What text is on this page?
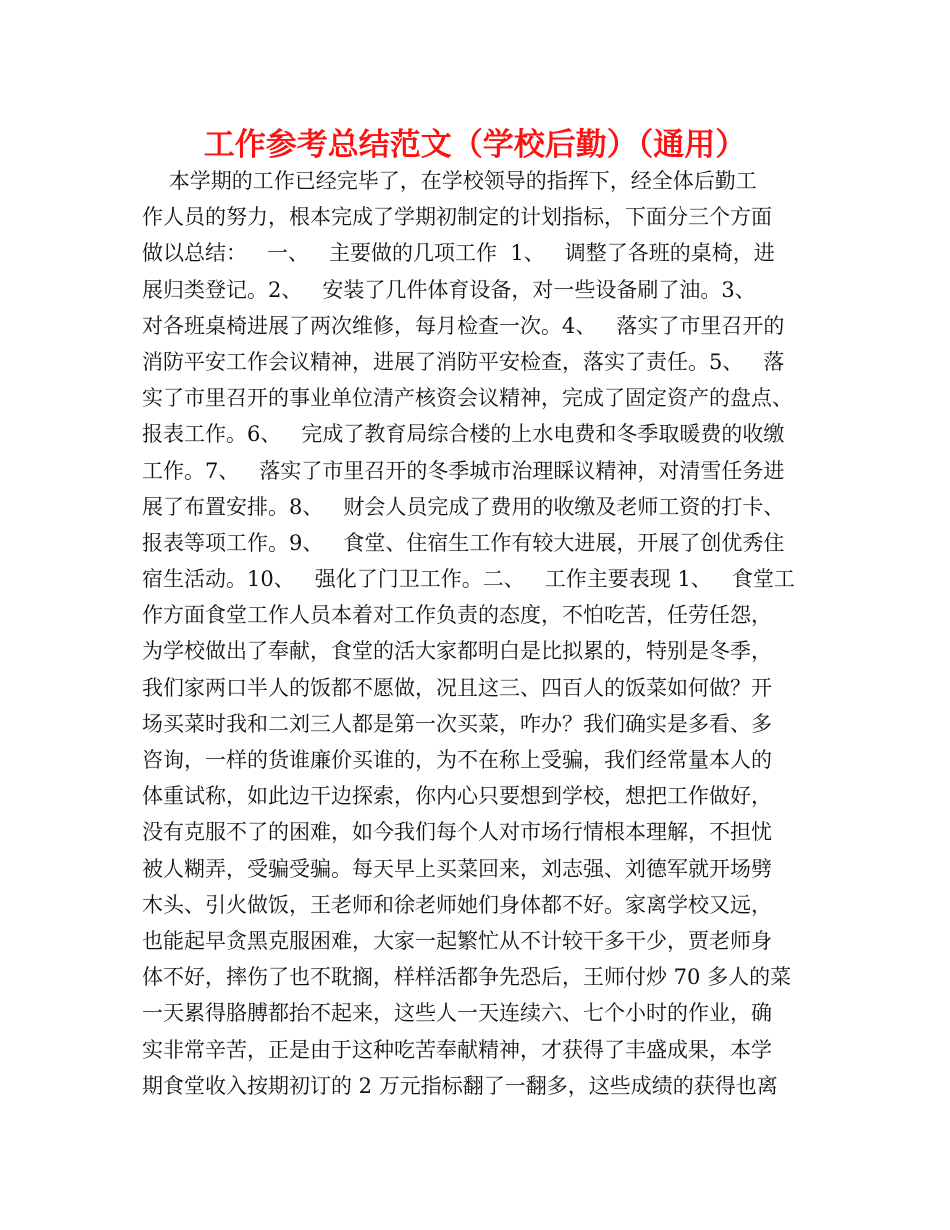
工作参考总结范文（学校后勤）（通用）
本学期的工作已经完毕了，在学校领导的指挥下，经全体后勤工
作人员的努力，根本完成了学期初制定的计划指标，下面分三个方面
做以总结：   一、   主要做的几项工作  1、   调整了各班的桌椅，进
展归类登记。2、   安装了几件体育设备，对一些设备刷了油。3、
对各班桌椅进展了两次维修，每月检查一次。4、   落实了市里召开的
消防平安工作会议精神，进展了消防平安检查，落实了责任。5、   落
实了市里召开的事业单位清产核资会议精神，完成了固定资产的盘点、
报表工作。6、   完成了教育局综合楼的上水电费和冬季取暖费的收缴
工作。7、   落实了市里召开的冬季城市治理睬议精神，对清雪任务进
展了布置安排。8、   财会人员完成了费用的收缴及老师工资的打卡、
报表等项工作。9、   食堂、住宿生工作有较大进展，开展了创优秀住
宿生活动。10、   强化了门卫工作。二、   工作主要表现 1、   食堂工
作方面食堂工作人员本着对工作负责的态度，不怕吃苦，任劳任怨，
为学校做出了奉献，食堂的活大家都明白是比拟累的，特别是冬季，
我们家两口半人的饭都不愿做，况且这三、四百人的饭菜如何做？开
场买菜时我和二刘三人都是第一次买菜，咋办？我们确实是多看、多
咨询，一样的货谁廉价买谁的，为不在称上受骗，我们经常量本人的
体重试称，如此边干边探索，你内心只要想到学校，想把工作做好，
没有克服不了的困难，如今我们每个人对市场行情根本理解，不担忧
被人糊弄，受骗受骗。每天早上买菜回来，刘志强、刘德军就开场劈
木头、引火做饭，王老师和徐老师她们身体都不好。家离学校又远，
也能起早贪黑克服困难，大家一起繁忙从不计较干多干少，贾老师身
体不好，摔伤了也不耽搁，样样活都争先恐后，王师付炒 70 多人的菜
一天累得胳膊都抬不起来，这些人一天连续六、七个小时的作业，确
实非常辛苦，正是由于这种吃苦奉献精神，才获得了丰盛成果，本学
期食堂收入按期初订的 2 万元指标翻了一翻多，这些成绩的获得也离
